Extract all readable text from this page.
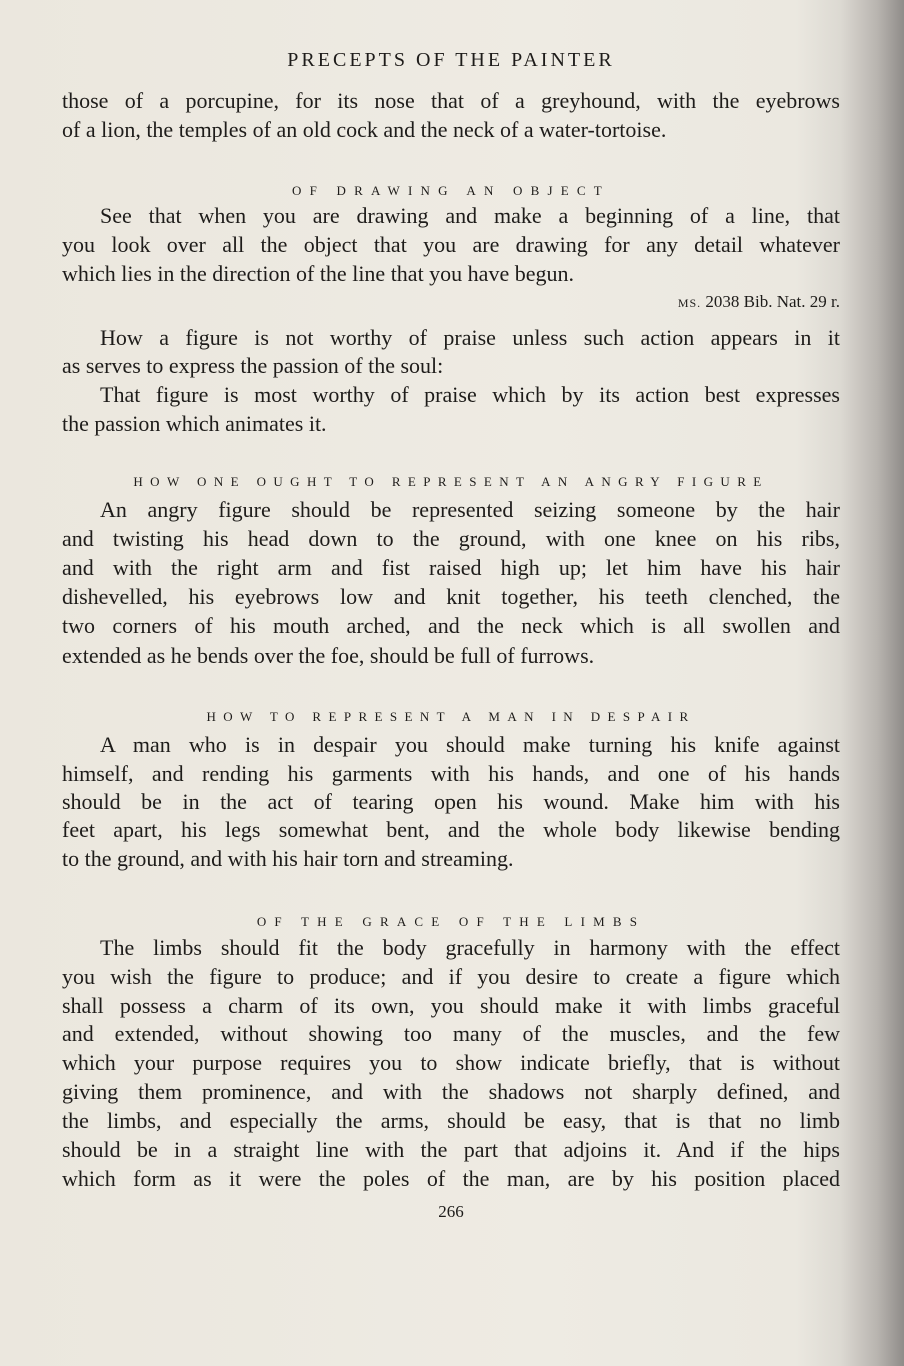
PRECEPTS OF THE PAINTER
those of a porcupine, for its nose that of a greyhound, with the eyebrows
of a lion, the temples of an old cock and the neck of a water-tortoise.
OF DRAWING AN OBJECT
See that when you are drawing and make a beginning of a line, that
you look over all the object that you are drawing for any detail whatever
which lies in the direction of the line that you have begun.
MS. 2038 Bib. Nat. 29 r.
How a figure is not worthy of praise unless such action appears in it
as serves to express the passion of the soul:
That figure is most worthy of praise which by its action best expresses
the passion which animates it.
HOW ONE OUGHT TO REPRESENT AN ANGRY FIGURE
An angry figure should be represented seizing someone by the hair
and twisting his head down to the ground, with one knee on his ribs,
and with the right arm and fist raised high up; let him have his hair
dishevelled, his eyebrows low and knit together, his teeth clenched, the
two corners of his mouth arched, and the neck which is all swollen and
extended as he bends over the foe, should be full of furrows.
HOW TO REPRESENT A MAN IN DESPAIR
A man who is in despair you should make turning his knife against
himself, and rending his garments with his hands, and one of his hands
should be in the act of tearing open his wound. Make him with his
feet apart, his legs somewhat bent, and the whole body likewise bending
to the ground, and with his hair torn and streaming.
OF THE GRACE OF THE LIMBS
The limbs should fit the body gracefully in harmony with the effect
you wish the figure to produce; and if you desire to create a figure which
shall possess a charm of its own, you should make it with limbs graceful
and extended, without showing too many of the muscles, and the few
which your purpose requires you to show indicate briefly, that is without
giving them prominence, and with the shadows not sharply defined, and
the limbs, and especially the arms, should be easy, that is that no limb
should be in a straight line with the part that adjoins it. And if the hips
which form as it were the poles of the man, are by his position placed
266
